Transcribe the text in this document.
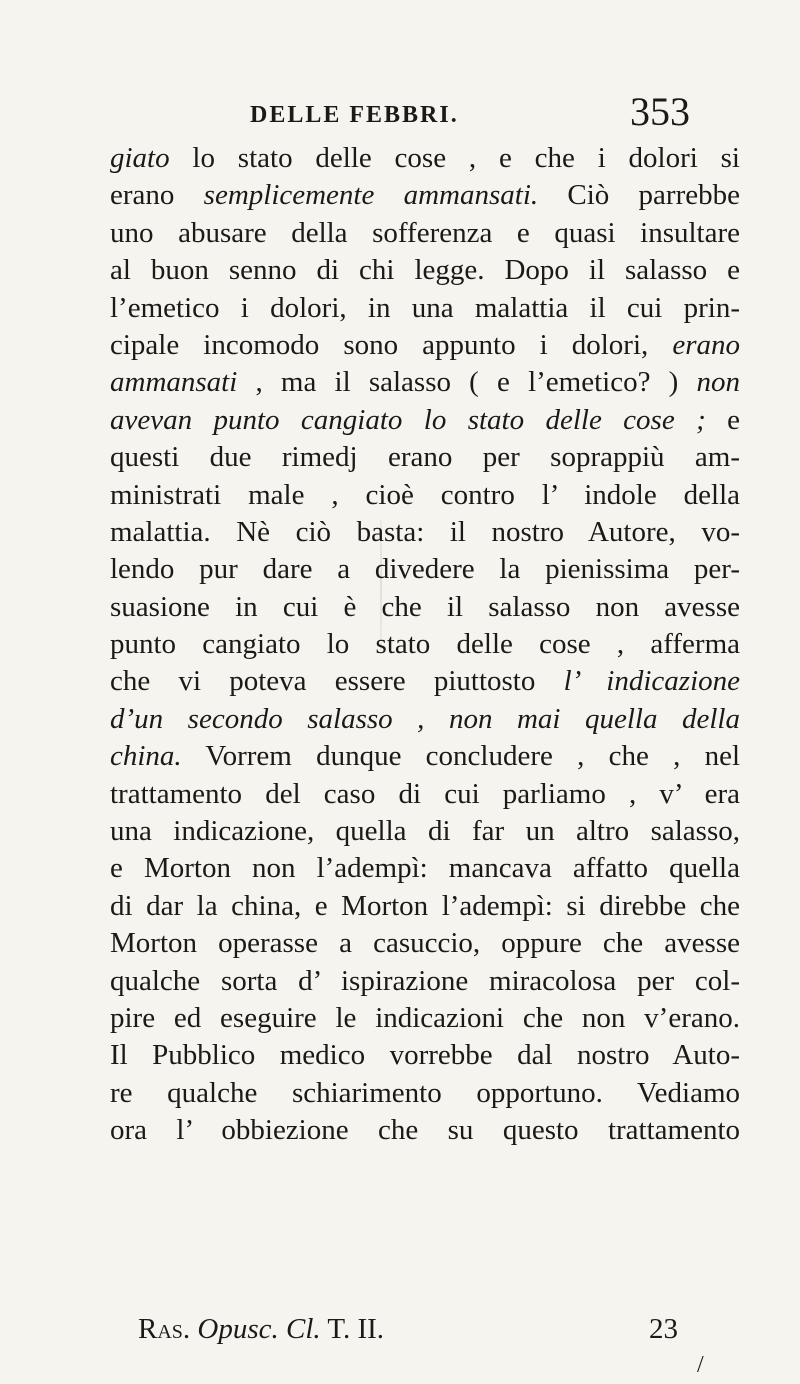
DELLE FEBBRI.	353
giato lo stato delle cose , e che i dolori si
erano semplicemente ammansati. Ciò parrebbe
uno abusare della sofferenza e quasi insultare
al buon senno di chi legge. Dopo il salasso e
l’emetico i dolori, in una malattia il cui prin-
cipale incomodo sono appunto i dolori, erano
ammansati , ma il salasso ( e l’emetico? ) non
avevan punto cangiato lo stato delle cose ; e
questi due rimedj erano per soprappiù am-
ministrati male , cioè contro l’ indole della
malattia. Nè ciò basta: il nostro Autore, vo-
lendo pur dare a divedere la pienissima per-
suasione in cui è che il salasso non avesse
punto cangiato lo stato delle cose , afferma
che vi poteva essere piuttosto l’ indicazione
d’un secondo salasso , non mai quella della
china. Vorrem dunque concludere , che , nel
trattamento del caso di cui parliamo , v’ era
una indicazione, quella di far un altro salasso,
e Morton non l’adempì: mancava affatto quella
di dar la china, e Morton l’adempì: si direbbe che
Morton operasse a casuccio, oppure che avesse
qualche sorta d’ ispirazione miracolosa per col-
pire ed eseguire le indicazioni che non v’erano.
Il Pubblico medico vorrebbe dal nostro Auto-
re qualche schiarimento opportuno. Vediamo
ora l’ obbiezione che su questo trattamento
Ras. Opusc. Cl. T. II.	23
/
